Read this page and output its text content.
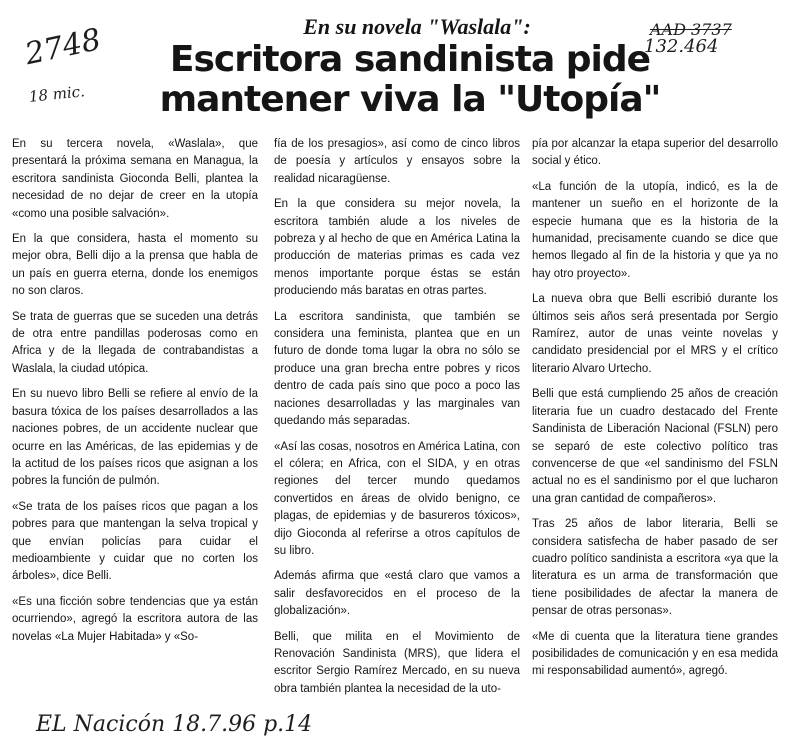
2748
18 mic.
AAD 3737
132.464
En su novela "Waslala":
Escritora sandinista pide mantener viva la "Utopía"

En su tercera novela, «Waslala», que presentará la próxima semana en Managua, la escritora sandinista Gioconda Belli, plantea la necesidad de no dejar de creer en la utopía «como una posible salvación».

En la que considera, hasta el momento su mejor obra, Belli dijo a la prensa que habla de un país en guerra eterna, donde los enemigos no son claros.

Se trata de guerras que se suceden una detrás de otra entre pandillas poderosas como en Africa y de la llegada de contrabandistas a Waslala, la ciudad utópica.

En su nuevo libro Belli se refiere al envío de la basura tóxica de los países desarrollados a las naciones pobres, de un accidente nuclear que ocurre en las Américas, de las epidemias y de la actitud de los países ricos que asignan a los pobres la función de pulmón.

«Se trata de los países ricos que pagan a los pobres para que mantengan la selva tropical y que envían policías para cuidar el medioambiente y cuidar que no corten los árboles», dice Belli.

«Es una ficción sobre tendencias que ya están ocurriendo», agregó la escritora autora de las novelas «La Mujer Habitada» y «So-

fía de los presagios», así como de cinco libros de poesía y artículos y ensayos sobre la realidad nicaragüense.

En la que considera su mejor novela, la escritora también alude a los niveles de pobreza y al hecho de que en América Latina la producción de materias primas es cada vez menos importante porque éstas se están produciendo más baratas en otras partes.

La escritora sandinista, que también se considera una feminista, plantea que en un futuro de donde toma lugar la obra no sólo se produce una gran brecha entre pobres y ricos dentro de cada país sino que poco a poco las naciones desarrolladas y las marginales van quedando más separadas.

«Así las cosas, nosotros en América Latina, con el cólera; en Africa, con el SIDA, y en otras regiones del tercer mundo quedamos convertidos en áreas de olvido benigno, ce plagas, de epidemias y de basureros tóxicos», dijo Gioconda al referirse a otros capítulos de su libro.

Además afirma que «está claro que vamos a salir desfavorecidos en el proceso de la globalización».

Belli, que milita en el Movimiento de Renovación Sandinista (MRS), que lidera el escritor Sergio Ramírez Mercado, en su nueva obra también plantea la necesidad de la uto-

pía por alcanzar la etapa superior del desarrollo social y ético.

«La función de la utopía, indicó, es la de mantener un sueño en el horizonte de la especie humana que es la historia de la humanidad, precisamente cuando se dice que hemos llegado al fin de la historia y que ya no hay otro proyecto».

La nueva obra que Belli escribió durante los últimos seis años será presentada por Sergio Ramírez, autor de unas veinte novelas y candidato presidencial por el MRS y el crítico literario Alvaro Urtecho.

Belli que está cumpliendo 25 años de creación literaria fue un cuadro destacado del Frente Sandinista de Liberación Nacional (FSLN) pero se separó de este colectivo político tras convencerse de que «el sandinismo del FSLN actual no es el sandinismo por el que lucharon una gran cantidad de compañeros».

Tras 25 años de labor literaria, Belli se considera satisfecha de haber pasado de ser cuadro político sandinista a escritora «ya que la literatura es un arma de transformación que tiene posibilidades de afectar la manera de pensar de otras personas».

«Me di cuenta que la literatura tiene grandes posibilidades de comunicación y en esa medida mi responsabilidad aumentó», agregó.

EL Nacicón 18.7.96 p.14
